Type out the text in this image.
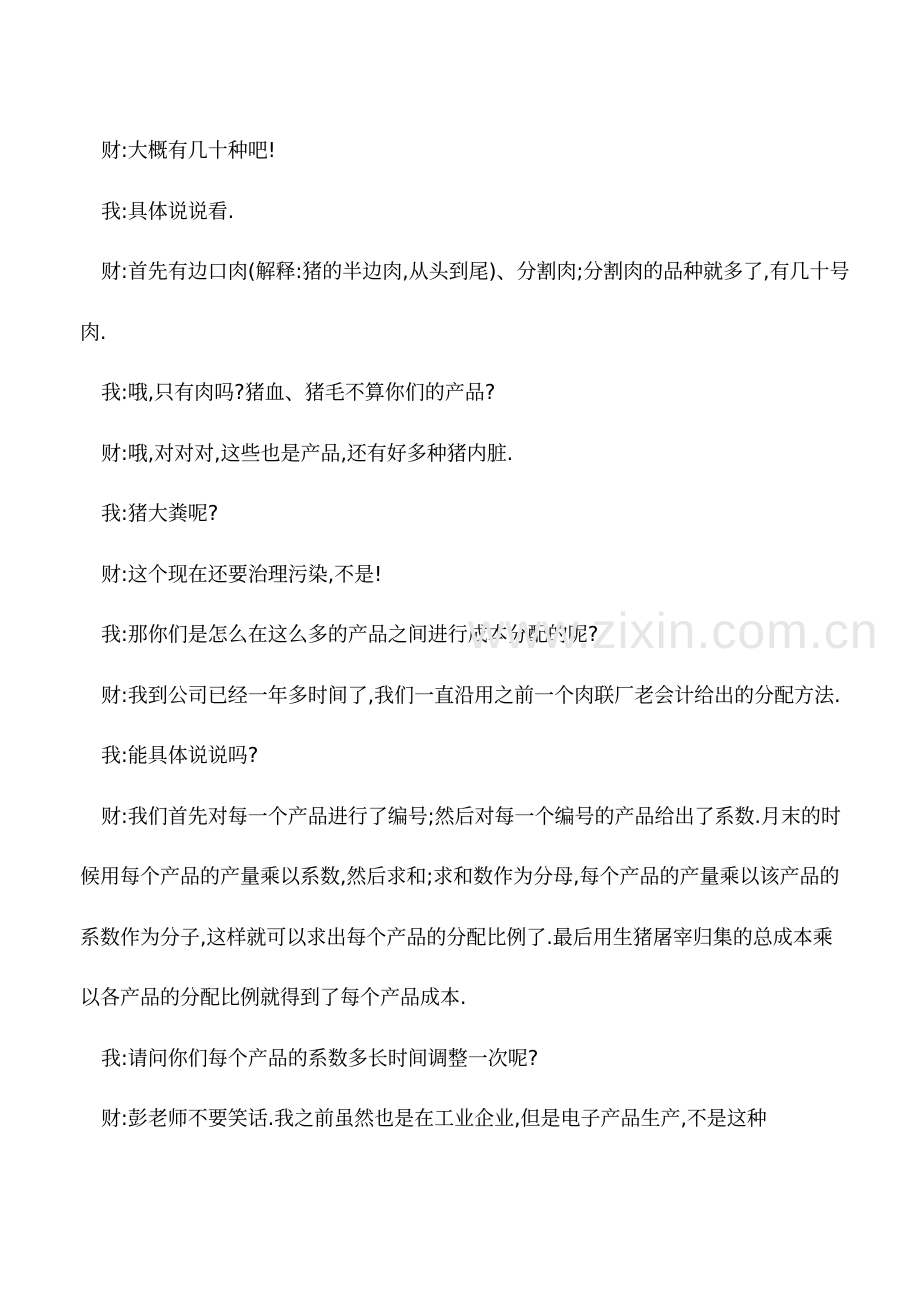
财:大概有几十种吧!

我:具体说说看.

财:首先有边口肉(解释:猪的半边肉,从头到尾)、分割肉;分割肉的品种就多了,有几十号肉.

我:哦,只有肉吗?猪血、猪毛不算你们的产品?

财:哦,对对对,这些也是产品,还有好多种猪内脏.

我:猪大粪呢?

财:这个现在还要治理污染,不是!

我:那你们是怎么在这么多的产品之间进行成本分配的呢?

财:我到公司已经一年多时间了,我们一直沿用之前一个肉联厂老会计给出的分配方法.

我:能具体说说吗?

财:我们首先对每一个产品进行了编号;然后对每一个编号的产品给出了系数.月末的时候用每个产品的产量乘以系数,然后求和;求和数作为分母,每个产品的产量乘以该产品的系数作为分子,这样就可以求出每个产品的分配比例了.最后用生猪屠宰归集的总成本乘以各产品的分配比例就得到了每个产品成本.

我:请问你们每个产品的系数多长时间调整一次呢?

财:彭老师不要笑话.我之前虽然也是在工业企业,但是电子产品生产,不是这种

www.zixin.com.cn
